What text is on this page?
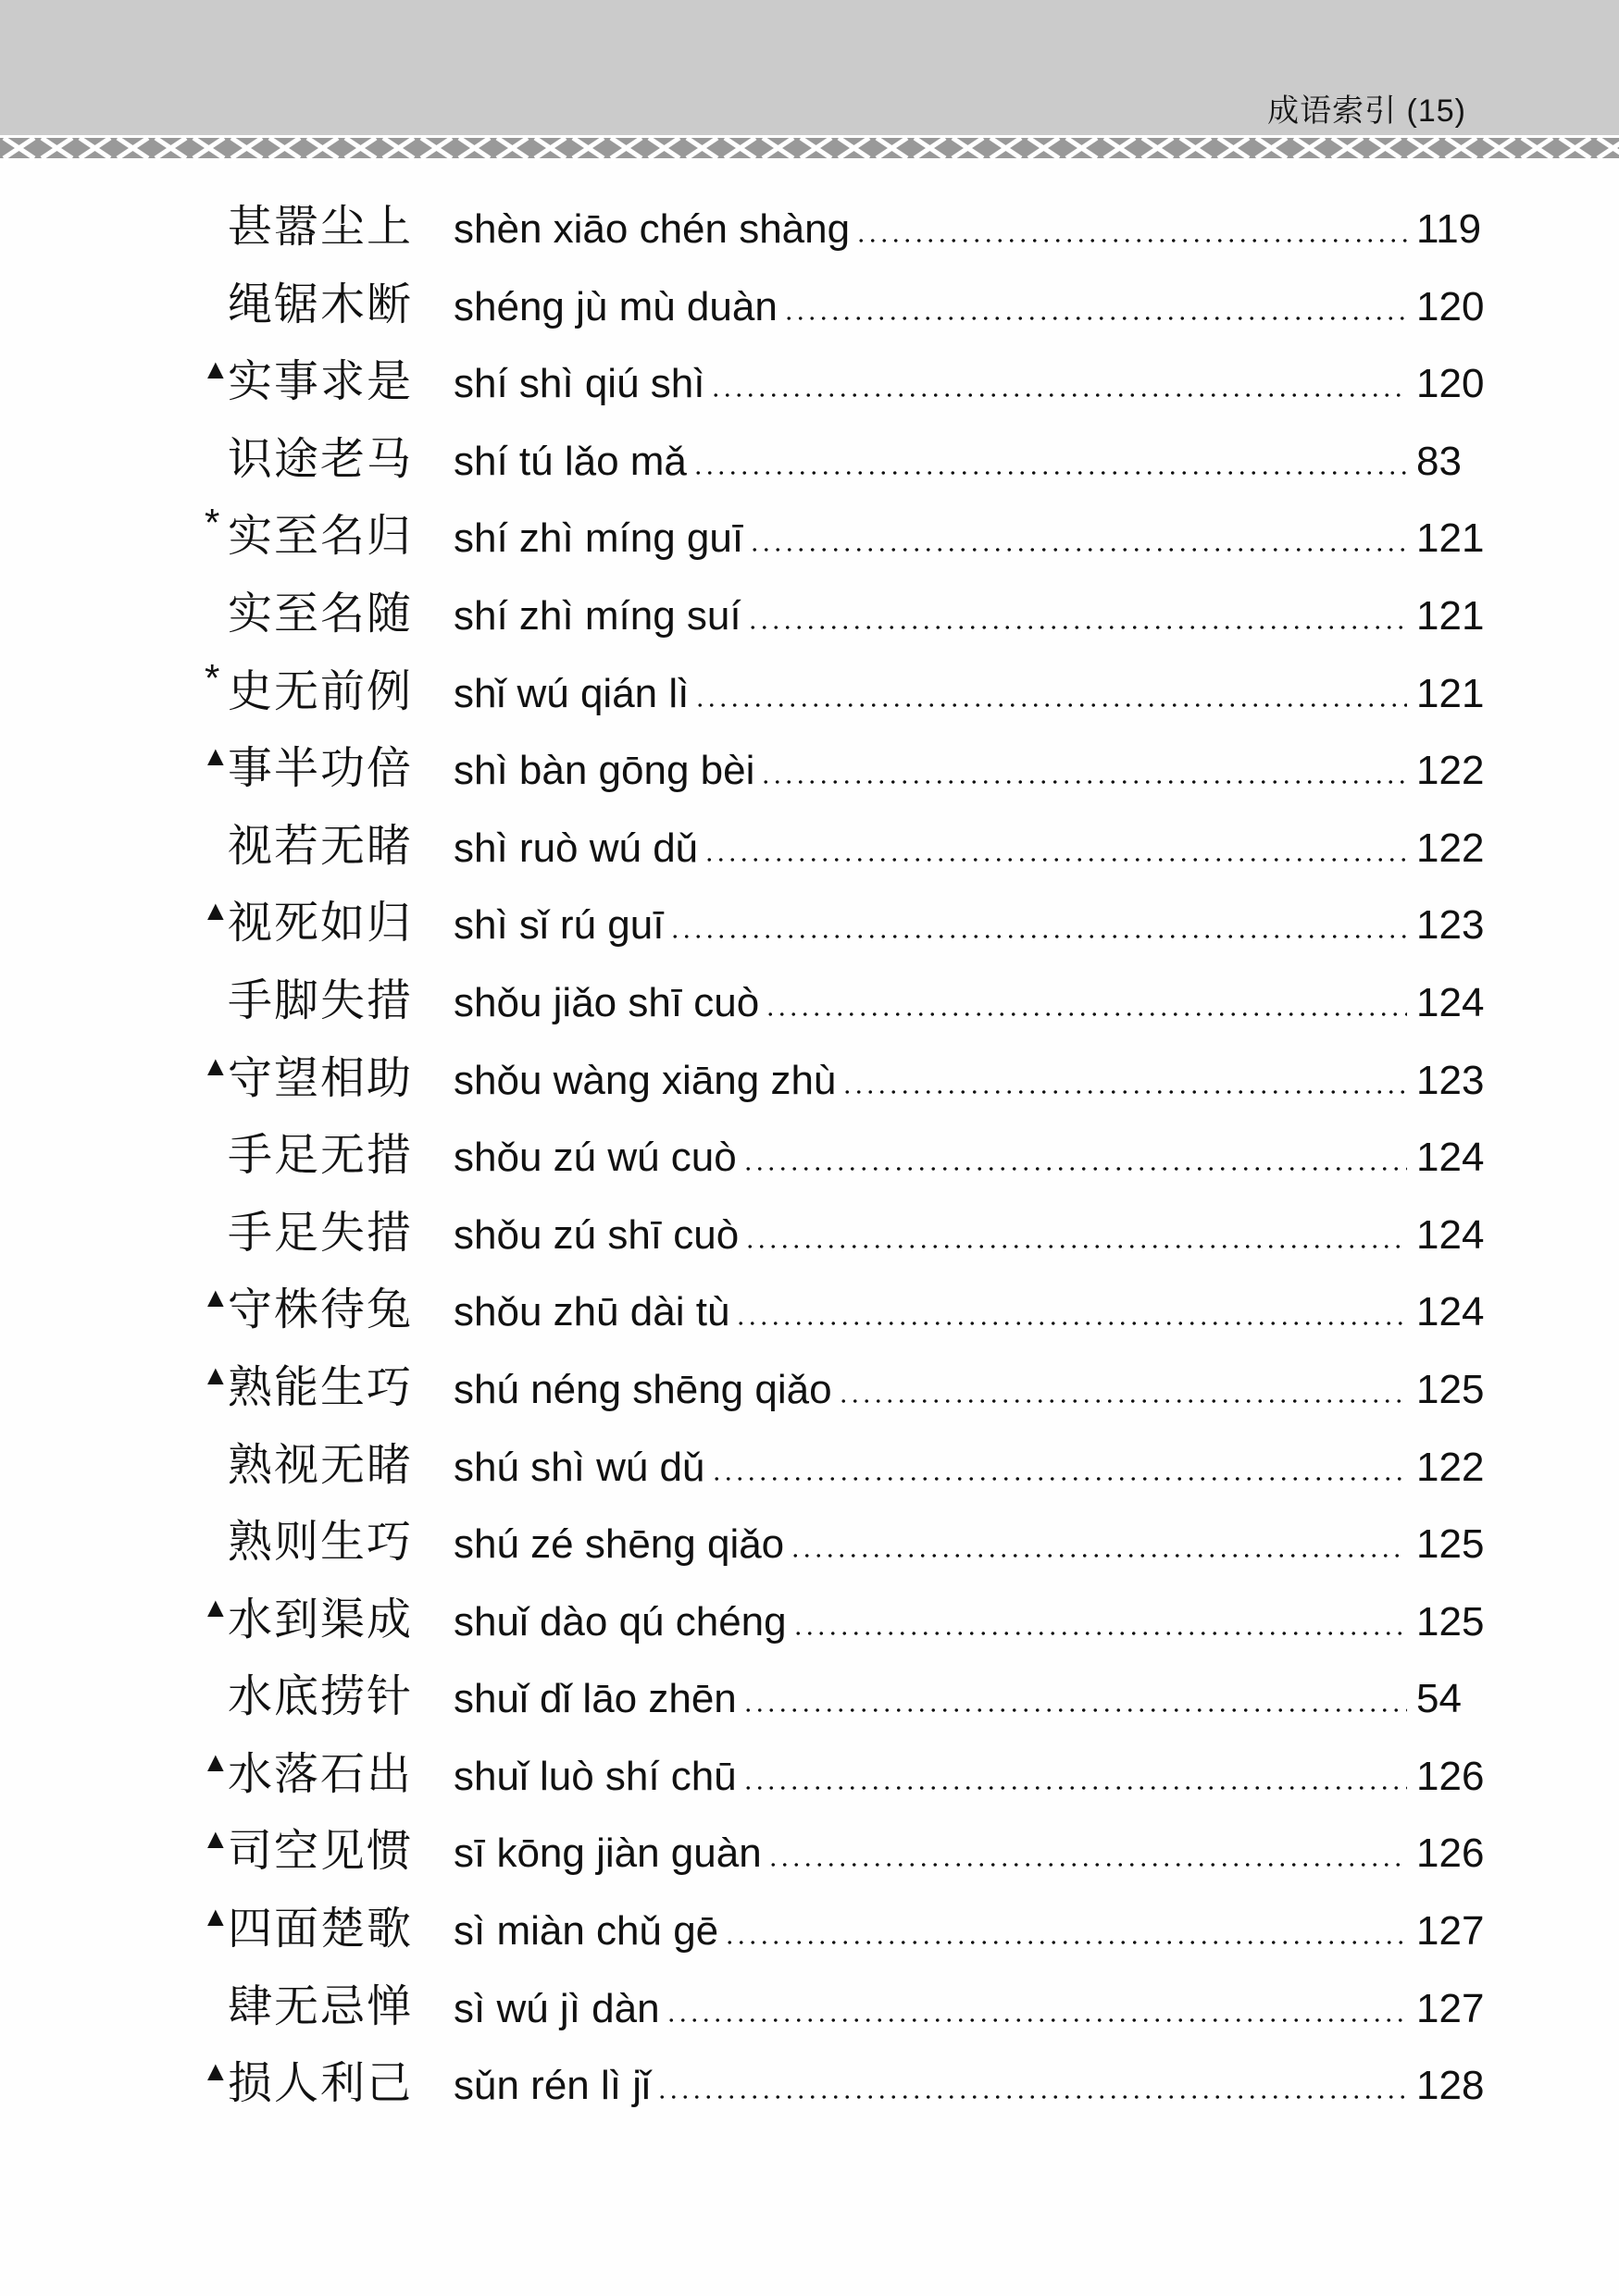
成语索引 (15)
甚嚣尘上 shèn xiāo chén shàng	119
绳锯木断 shéng jù mù duàn	120
▲
实事求是 shí shì qiú shì	120
识途老马 shí tú lǎo mǎ	83
* 实至名归 shí zhì míng guī	121
实至名随 shí zhì míng suí	121
* 史无前例 shǐ wú qián lì	121
▲
事半功倍 shì bàn gōng bèi	122
视若无睹 shì ruò wú dǔ	122
▲
视死如归 shì sǐ rú guī	123
手脚失措 shǒu jiǎo shī cuò	124
▲
守望相助 shǒu wàng xiāng zhù	123
手足无措 shǒu zú wú cuò	124
手足失措 shǒu zú shī cuò	124
▲
守株待兔 shǒu zhū dài tù	124
▲
熟能生巧 shú néng shēng qiǎo	125
熟视无睹 shú shì wú dǔ	122
熟则生巧 shú zé shēng qiǎo	125
▲
水到渠成 shuǐ dào qú chéng	125
水底捞针 shuǐ dǐ lāo zhēn	54
▲
水落石出 shuǐ luò shí chū	126
▲
司空见惯 sī kōng jiàn guàn	126
▲
四面楚歌 sì miàn chǔ gē	127
肆无忌惮 sì wú jì dàn	127
▲
损人利己 sǔn rén lì jǐ	128
